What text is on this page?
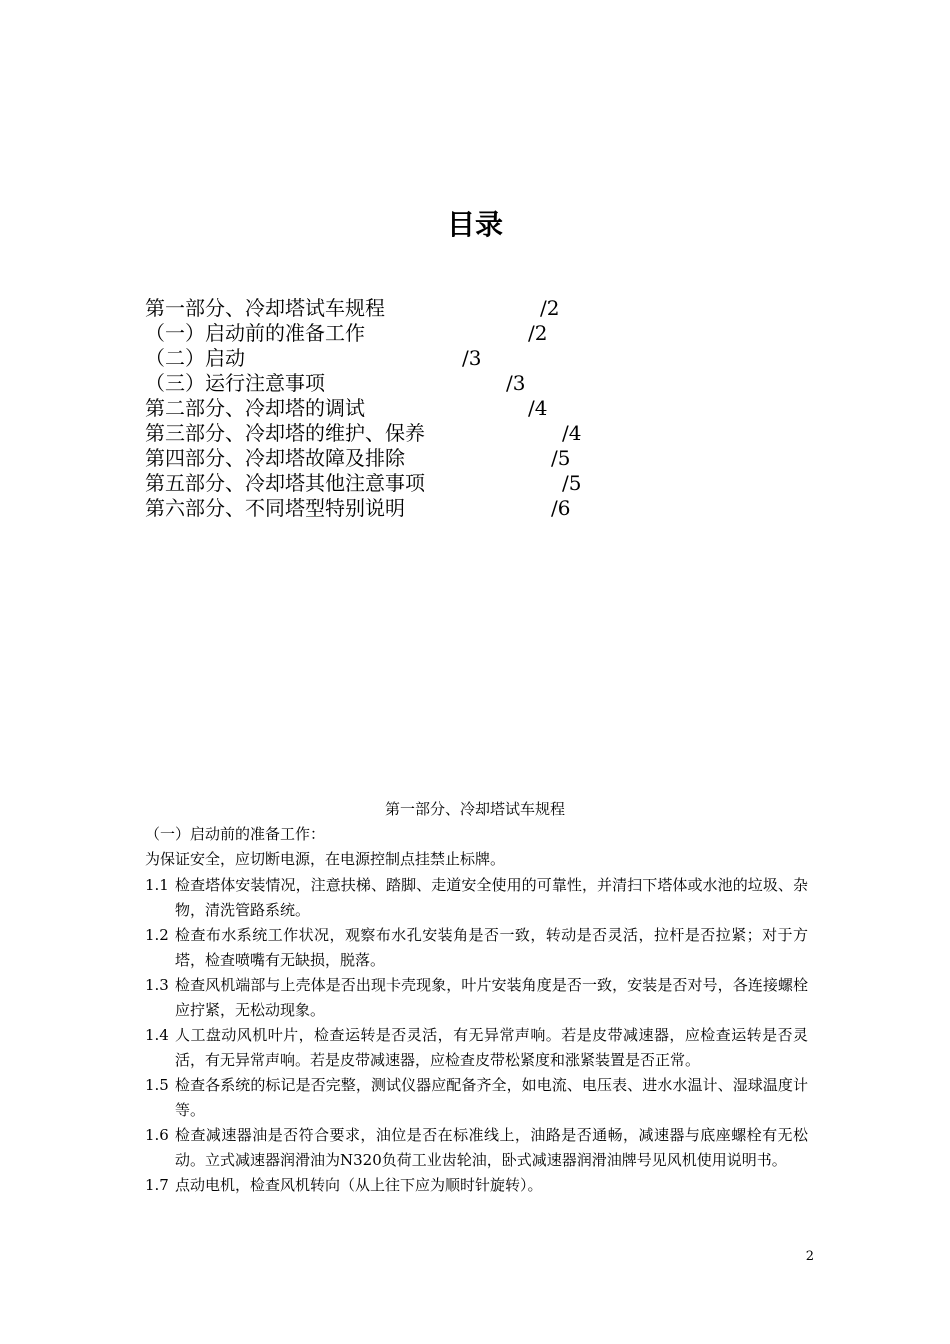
目录
第一部分、冷却塔试车规程	/2
（一）启动前的准备工作	/2
（二）启动	/3
（三）运行注意事项	/3
第二部分、冷却塔的调试	/4
第三部分、冷却塔的维护、保养	/4
第四部分、冷却塔故障及排除	/5
第五部分、冷却塔其他注意事项	/5
第六部分、不同塔型特别说明	/6
第一部分、冷却塔试车规程
（一）启动前的准备工作：
为保证安全，应切断电源，在电源控制点挂禁止标牌。
1.1 检查塔体安装情况，注意扶梯、踏脚、走道安全使用的可靠性，并清扫下塔体或水池的垃圾、杂物，清洗管路系统。
1.2 检查布水系统工作状况，观察布水孔安装角是否一致，转动是否灵活，拉杆是否拉紧；对于方塔，检查喷嘴有无缺损，脱落。
1.3 检查风机端部与上壳体是否出现卡壳现象，叶片安装角度是否一致，安装是否对号，各连接螺栓应拧紧，无松动现象。
1.4 人工盘动风机叶片，检查运转是否灵活，有无异常声响。若是皮带减速器，应检查运转是否灵活，有无异常声响。若是皮带减速器，应检查皮带松紧度和涨紧装置是否正常。
1.5 检查各系统的标记是否完整，测试仪器应配备齐全，如电流、电压表、进水水温计、湿球温度计等。
1.6 检查减速器油是否符合要求，油位是否在标准线上，油路是否通畅，减速器与底座螺栓有无松动。立式减速器润滑油为N320负荷工业齿轮油，卧式减速器润滑油牌号见风机使用说明书。
1.7 点动电机，检查风机转向（从上往下应为顺时针旋转）。
2
